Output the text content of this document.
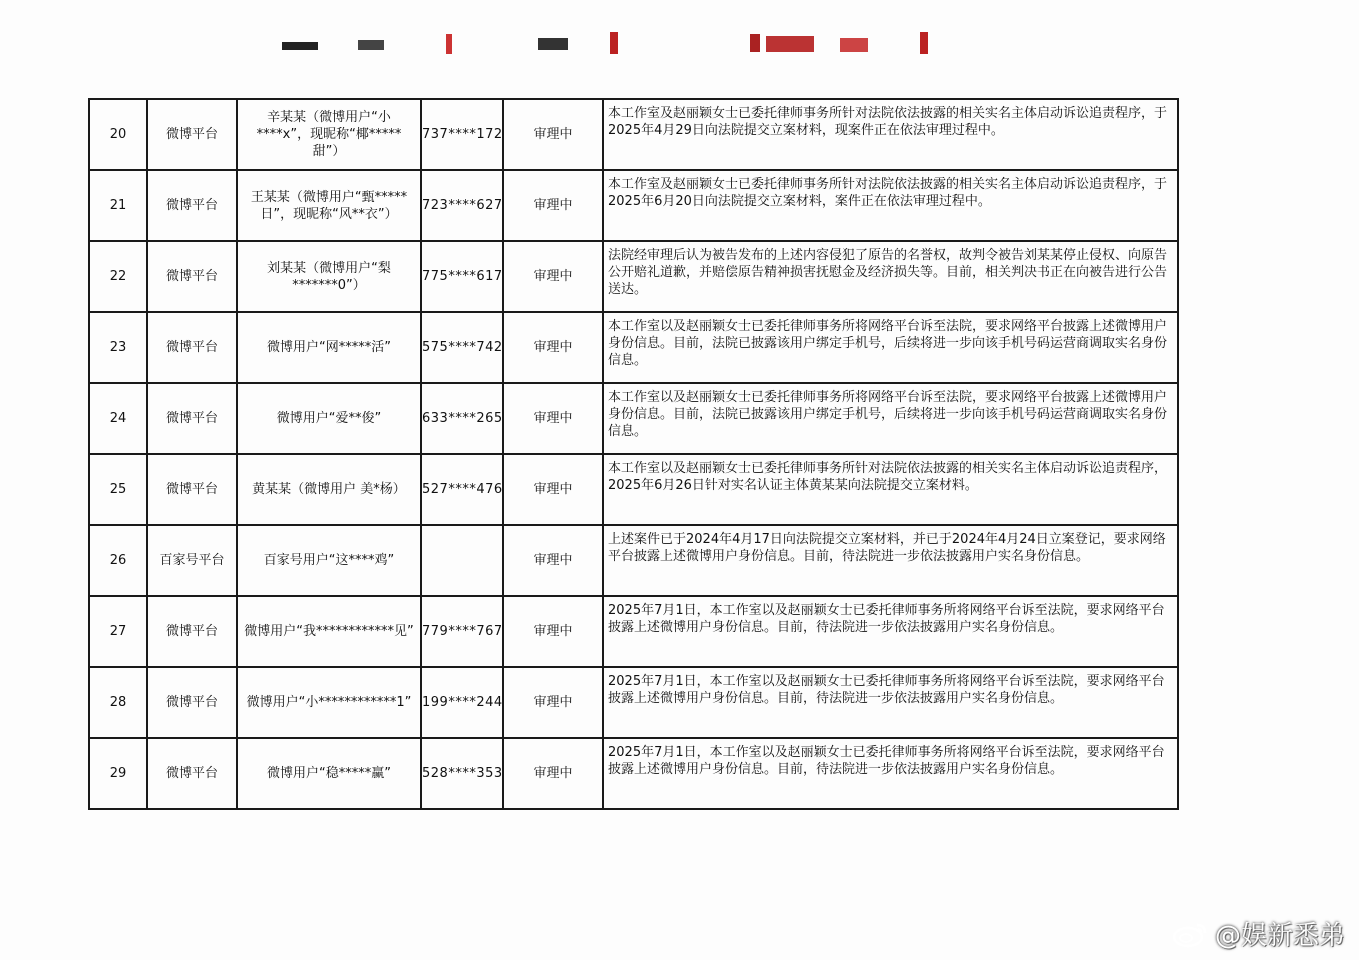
20	微博平台	辛某某（微博用户“小****x”，现昵称“椰*****甜”）	737****172	审理中	本工作室及赵丽颖女士已委托律师事务所针对法院依法披露的相关实名主体启动诉讼追责程序，于2025年4月29日向法院提交立案材料，现案件正在依法审理过程中。

21	微博平台	王某某（微博用户“甄*****日”，现昵称“风**衣”）	723****627	审理中	本工作室及赵丽颖女士已委托律师事务所针对法院依法披露的相关实名主体启动诉讼追责程序，于2025年6月20日向法院提交立案材料，案件正在依法审理过程中。

22	微博平台	刘某某（微博用户“梨*******0”）	775****617	审理中	法院经审理后认为被告发布的上述内容侵犯了原告的名誉权，故判令被告刘某某停止侵权、向原告公开赔礼道歉，并赔偿原告精神损害抚慰金及经济损失等。目前，相关判决书正在向被告进行公告送达。

23	微博平台	微博用户“网*****活”	575****742	审理中	本工作室以及赵丽颖女士已委托律师事务所将网络平台诉至法院，要求网络平台披露上述微博用户身份信息。目前，法院已披露该用户绑定手机号，后续将进一步向该手机号码运营商调取实名身份信息。

24	微博平台	微博用户“爱**俊”	633****265	审理中	本工作室以及赵丽颖女士已委托律师事务所将网络平台诉至法院，要求网络平台披露上述微博用户身份信息。目前，法院已披露该用户绑定手机号，后续将进一步向该手机号码运营商调取实名身份信息。

25	微博平台	黄某某（微博用户 美*杨）	527****476	审理中	本工作室以及赵丽颖女士已委托律师事务所针对法院依法披露的相关实名主体启动诉讼追责程序，2025年6月26日针对实名认证主体黄某某向法院提交立案材料。

26	百家号平台	百家号用户“这****鸡”		审理中	上述案件已于2024年4月17日向法院提交立案材料，并已于2024年4月24日立案登记，要求网络平台披露上述微博用户身份信息。目前，待法院进一步依法披露用户实名身份信息。

27	微博平台	微博用户“我************见”	779****767	审理中	2025年7月1日，本工作室以及赵丽颖女士已委托律师事务所将网络平台诉至法院，要求网络平台披露上述微博用户身份信息。目前，待法院进一步依法披露用户实名身份信息。

28	微博平台	微博用户“小************1”	199****244	审理中	2025年7月1日，本工作室以及赵丽颖女士已委托律师事务所将网络平台诉至法院，要求网络平台披露上述微博用户身份信息。目前，待法院进一步依法披露用户实名身份信息。

29	微博平台	微博用户“稳*****赢”	528****353	审理中	2025年7月1日，本工作室以及赵丽颖女士已委托律师事务所将网络平台诉至法院，要求网络平台披露上述微博用户身份信息。目前，待法院进一步依法披露用户实名身份信息。
@娱新悉弟
